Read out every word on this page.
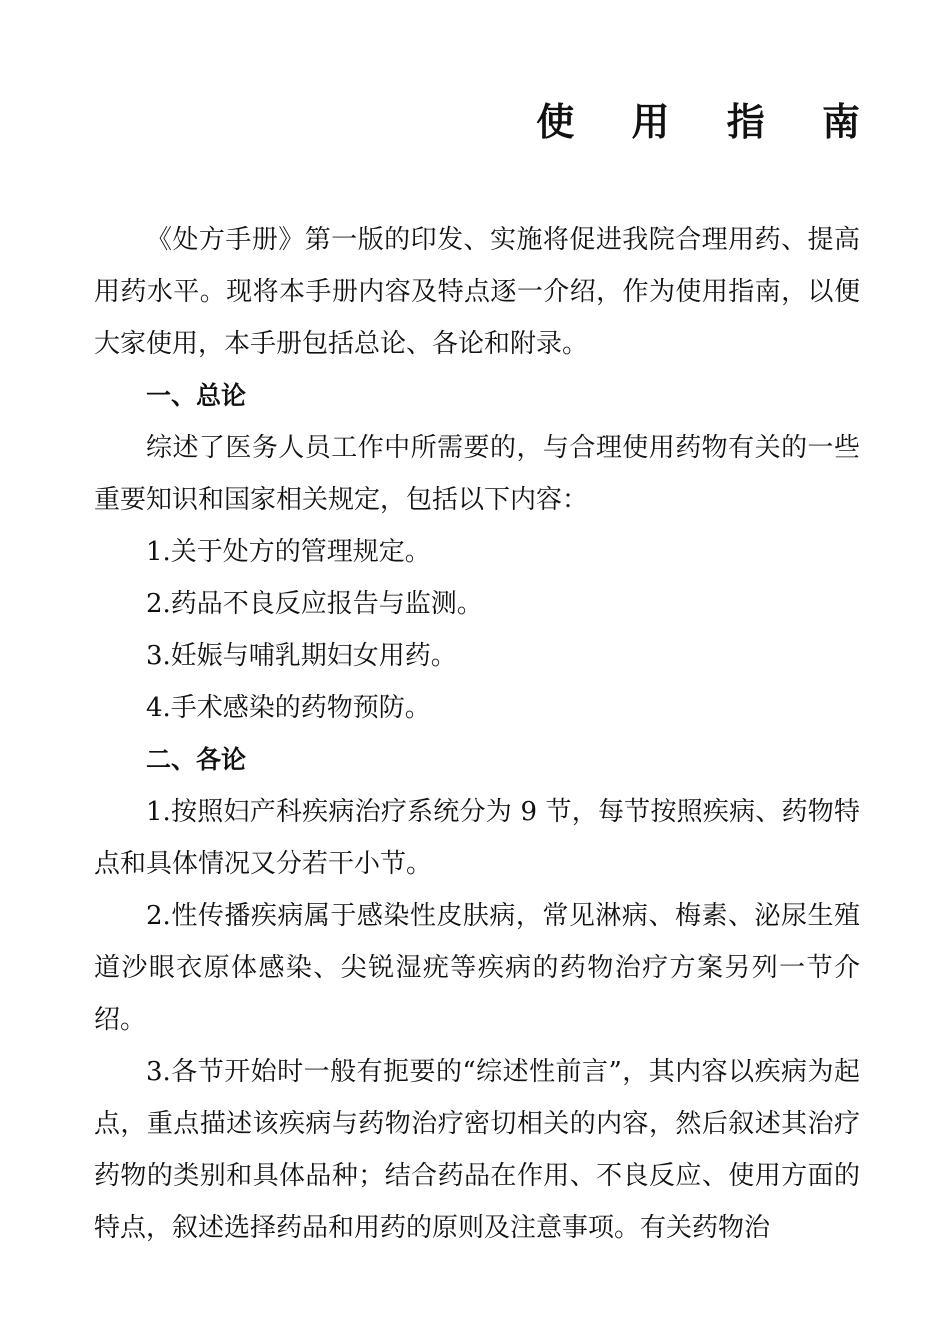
使 用 指 南

《处方手册》第一版的印发、实施将促进我院合理用药、提高用药水平。现将本手册内容及特点逐一介绍，作为使用指南，以便大家使用，本手册包括总论、各论和附录。

一、总论

综述了医务人员工作中所需要的，与合理使用药物有关的一些重要知识和国家相关规定，包括以下内容：

1.关于处方的管理规定。

2.药品不良反应报告与监测。

3.妊娠与哺乳期妇女用药。

4.手术感染的药物预防。

二、各论

1.按照妇产科疾病治疗系统分为 9 节，每节按照疾病、药物特点和具体情况又分若干小节。

2.性传播疾病属于感染性皮肤病，常见淋病、梅素、泌尿生殖道沙眼衣原体感染、尖锐湿疣等疾病的药物治疗方案另列一节介绍。

3.各节开始时一般有扼要的“综述性前言”，其内容以疾病为起点，重点描述该疾病与药物治疗密切相关的内容，然后叙述其治疗药物的类别和具体品种；结合药品在作用、不良反应、使用方面的特点，叙述选择药品和用药的原则及注意事项。有关药物治
